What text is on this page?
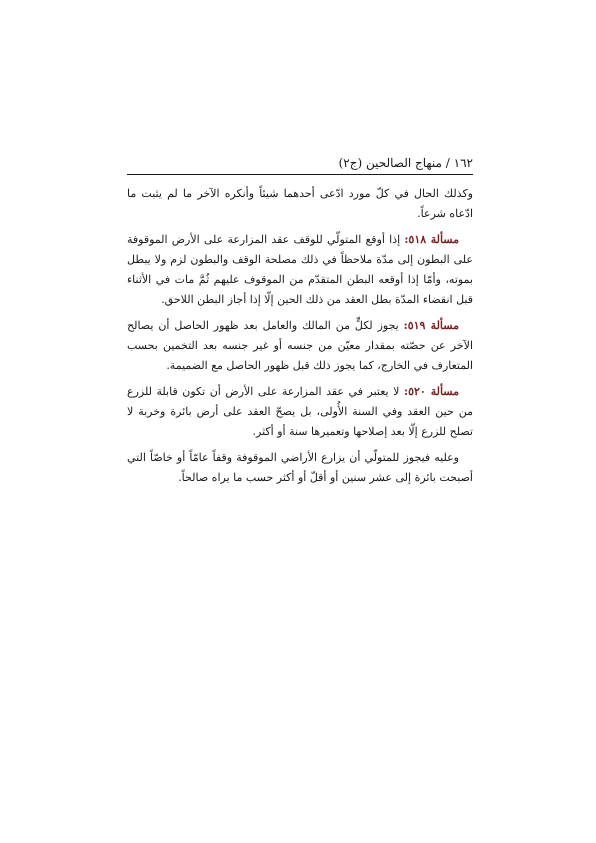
١٦٢ / منهاج الصالحين (ج٢)

وكذلك الحال في كلّ مورد ادّعى أحدهما شيئاً وأنكره الآخر ما لم يثبت ما ادّعاه شرعاً.

مسألة ٥١٨: إذا أوقع المتولّي للوقف عقد المزارعة على الأرض الموقوفة على البطون إلى مدّة ملاحظاً في ذلك مصلحة الوقف والبطون لزم ولا يبطل بموته، وأمّا إذا أوقعه البطن المتقدّم من الموقوف عليهم ثُمَّ مات في الأثناء قبل انقضاء المدّة بطل العقد من ذلك الحين إلّا إذا أجاز البطن اللاحق.

مسألة ٥١٩: يجوز لكلٍّ من المالك والعامل بعد ظهور الحاصل أن يصالح الآخر عن حصّته بمقدار معيّن من جنسه أو غير جنسه بعد التخمين بحسب المتعارف في الخارج، كما يجوز ذلك قبل ظهور الحاصل مع الضميمة.

مسألة ٥٢٠: لا يعتبر في عقد المزارعة على الأرض أن تكون قابلة للزرع من حين العقد وفي السنة الأُولى، بل يصحّ العقد على أرض بائرة وخربة لا تصلح للزرع إلّا بعد إصلاحها وتعميرها سنة أو أكثر.

وعليه فيجوز للمتولّي أن يزارع الأراضي الموقوفة وقفاً عامّاً أو خاصّاً التي أصبحت بائرة إلى عشر سنين أو أقلّ أو أكثر حسب ما يراه صالحاً.
